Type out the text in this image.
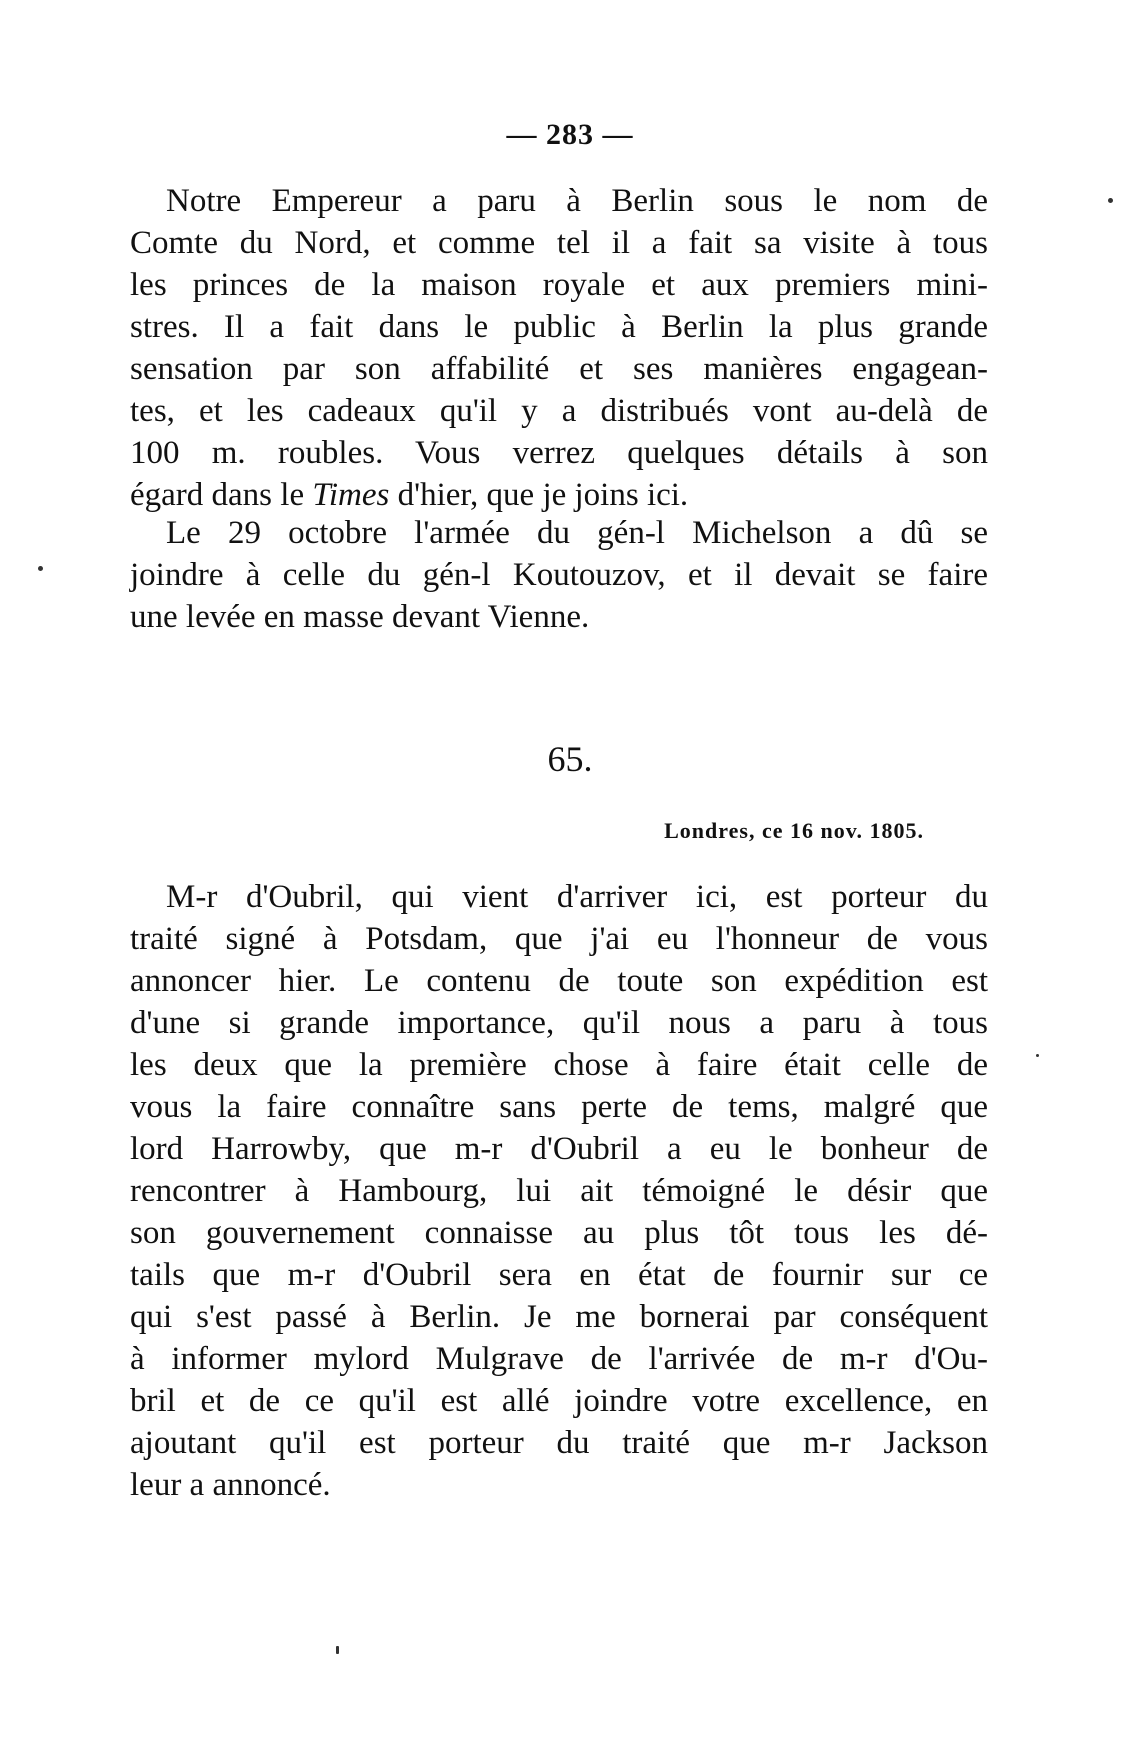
— 283 —
Notre Empereur a paru à Berlin sous le nom de
Comte du Nord, et comme tel il a fait sa visite à tous
les princes de la maison royale et aux premiers mini-
stres. Il a fait dans le public à Berlin la plus grande
sensation par son affabilité et ses manières engagean-
tes, et les cadeaux qu'il y a distribués vont au-delà de
100 m. roubles. Vous verrez quelques détails à son
égard dans le Times d'hier, que je joins ici.
Le 29 octobre l'armée du gén-l Michelson a dû se
joindre à celle du gén-l Koutouzov, et il devait se faire
une levée en masse devant Vienne.
65.
Londres, ce 16 nov. 1805.
M-r d'Oubril, qui vient d'arriver ici, est porteur du
traité signé à Potsdam, que j'ai eu l'honneur de vous
annoncer hier. Le contenu de toute son expédition est
d'une si grande importance, qu'il nous a paru à tous
les deux que la première chose à faire était celle de
vous la faire connaître sans perte de tems, malgré que
lord Harrowby, que m-r d'Oubril a eu le bonheur de
rencontrer à Hambourg, lui ait témoigné le désir que
son gouvernement connaisse au plus tôt tous les dé-
tails que m-r d'Oubril sera en état de fournir sur ce
qui s'est passé à Berlin. Je me bornerai par conséquent
à informer mylord Mulgrave de l'arrivée de m-r d'Ou-
bril et de ce qu'il est allé joindre votre excellence, en
ajoutant qu'il est porteur du traité que m-r Jackson
leur a annoncé.
